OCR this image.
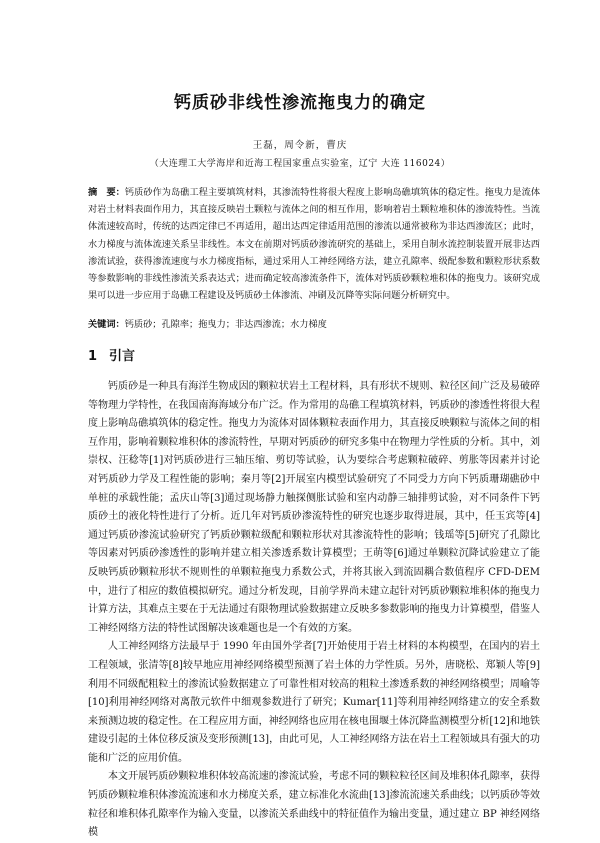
钙质砂非线性渗流拖曳力的确定
王磊，周令新，曹庆
（大连理工大学海岸和近海工程国家重点实验室，辽宁 大连 116024）
摘　要：钙质砂作为岛礁工程主要填筑材料，其渗流特性将很大程度上影响岛礁填筑体的稳定性。拖曳力是流体对岩土材料表面作用力，其直接反映岩土颗粒与流体之间的相互作用，影响着岩土颗粒堆积体的渗流特性。当流体流速较高时，传统的达西定律已不再适用，超出达西定律适用范围的渗流以通常被称为非达西渗流区；此时，水力梯度与流体流速关系呈非线性。本文在前期对钙质砂渗流研究的基础上，采用自制水流控制装置开展非达西渗流试验，获得渗流速度与水力梯度指标，通过采用人工神经网络方法，建立孔隙率、级配参数和颗粒形状系数等参数影响的非线性渗流关系表达式；进而确定较高渗流条件下，流体对钙质砂颗粒堆积体的拖曳力。该研究成果可以进一步应用于岛礁工程建设及钙质砂土体渗流、冲刷及沉降等实际问题分析研究中。
关键词：钙质砂；孔隙率；拖曳力；非达西渗流；水力梯度
1 引言

钙质砂是一种具有海洋生物成因的颗粒状岩土工程材料，具有形状不规则、粒径区间广泛及易破碎等物理力学特性，在我国南海海域分布广泛。作为常用的岛礁工程填筑材料，钙质砂的渗透性将很大程度上影响岛礁填筑体的稳定性。拖曳力为流体对固体颗粒表面作用力，其直接反映颗粒与流体之间的相互作用，影响着颗粒堆积体的渗流特性，早期对钙质砂的研究多集中在物理力学性质的分析。其中，刘崇权、汪稔等[1]对钙质砂进行三轴压缩、剪切等试验，认为要综合考虑颗粒破碎、剪胀等因素并讨论对钙质砂力学及工程性能的影响；秦月等[2]开展室内模型试验研究了不同受力方向下钙质珊瑚礁砂中单桩的承载性能；孟庆山等[3]通过现场静力触探侧胀试验和室内动静三轴排剪试验，对不同条件下钙质砂土的液化特性进行了分析。近几年对钙质砂渗流特性的研究也逐步取得进展，其中，任玉宾等[4]通过钙质砂渗流试验研究了钙质砂颗粒级配和颗粒形状对其渗流特性的影响；钱瑶等[5]研究了孔隙比等因素对钙质砂渗透性的影响并建立相关渗透系数计算模型；王萌等[6]通过单颗粒沉降试验建立了能反映钙质砂颗粒形状不规则性的单颗粒拖曳力系数公式，并将其嵌入到流固耦合数值程序 CFD-DEM 中，进行了相应的数值模拟研究。通过分析发现，目前学界尚未建立起针对钙质砂颗粒堆积体的拖曳力计算方法，其难点主要在于无法通过有限物理试验数据建立反映多参数影响的拖曳力计算模型，借鉴人工神经网络方法的特性试图解决该难题也是一个有效的方案。

人工神经网络方法最早于 1990 年由国外学者[7]开始使用于岩土材料的本构模型，在国内的岩土工程领域，张清等[8]较早地应用神经网络模型预测了岩土体的力学性质。另外，唐晓松、郑颖人等[9]利用不同级配粗粒土的渗流试验数据建立了可靠性相对较高的粗粒土渗透系数的神经网络模型；周喻等[10]利用神经网络对离散元软件中细观参数进行了研究；Kumar[11]等利用神经网络建立的安全系数来预测边坡的稳定性。在工程应用方面，神经网络也应用在核电围堰土体沉降监测模型分析[12]和地铁建设引起的土体位移反演及变形预测[13]，由此可见，人工神经网络方法在岩土工程领域具有强大的功能和广泛的应用价值。

本文开展钙质砂颗粒堆积体较高流速的渗流试验，考虑不同的颗粒粒径区间及堆积体孔隙率，获得钙质砂颗粒堆积体渗流流速和水力梯度关系，建立标准化水流曲[13]渗流流速关系曲线；以钙质砂等效粒径和堆积体孔隙率作为输入变量，以渗流关系曲线中的特征值作为输出变量，通过建立 BP 神经网络模
